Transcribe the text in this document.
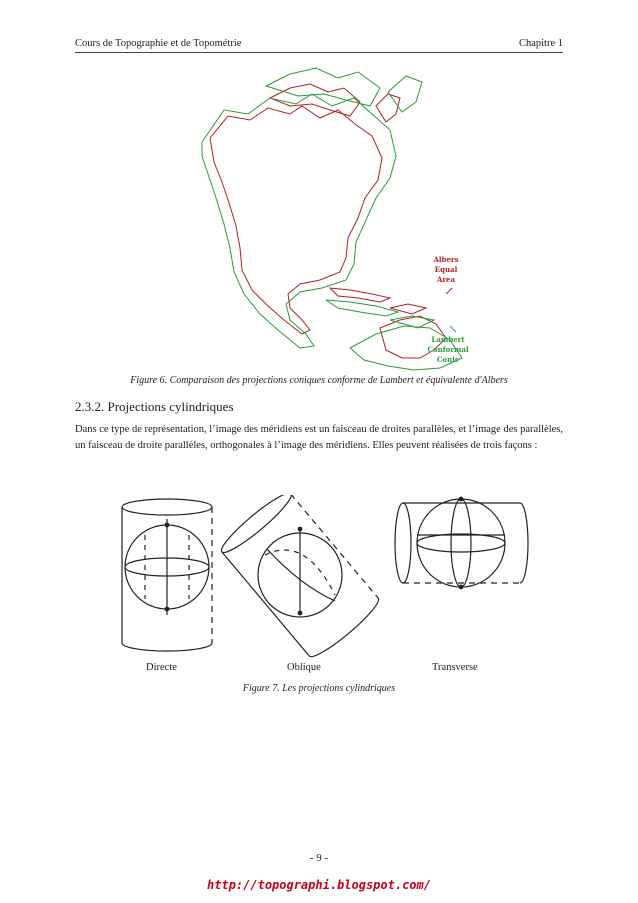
Cours de Topographie et de Topométrie	Chapitre 1
Albers
Equal
Area
Lambert
Conformal
Conic
Figure 6. Comparaison des projections coniques conforme de Lambert et équivalente d'Albers
2.3.2. Projections cylindriques
Dans ce type de représentation, l’image des méridiens est un faisceau de droites parallèles, et l’image des parallèles, un faisceau de droite parallèles, orthogonales à l’image des méridiens. Elles peuvent réalisées de trois façons :
Directe	Oblique	Transverse
Figure 7. Les projections cylindriques
- 9 -
http://topographi.blogspot.com/
